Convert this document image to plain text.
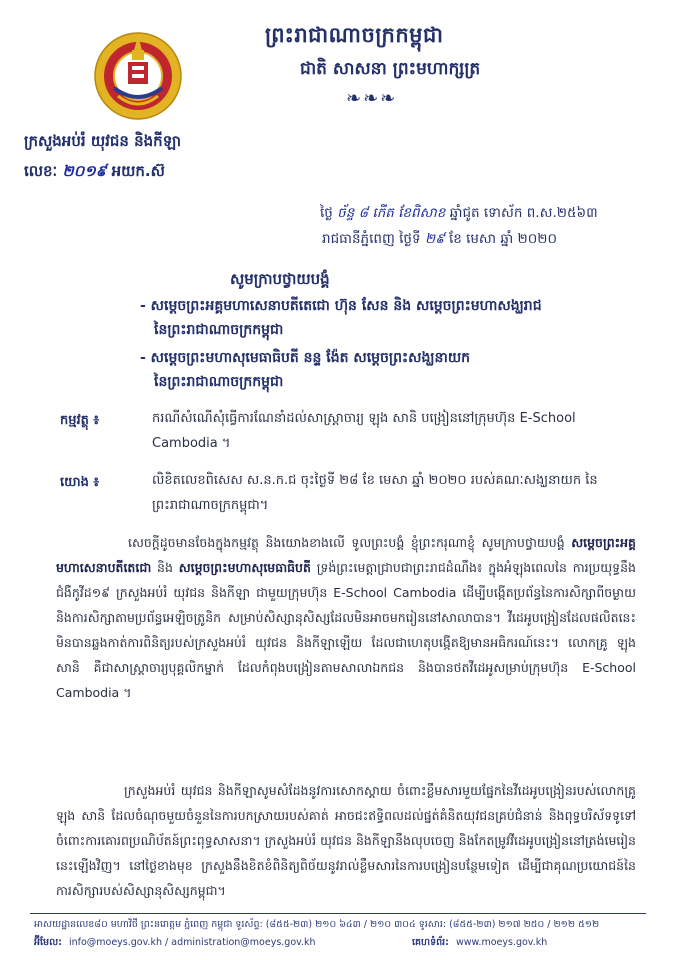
ព្រះរាជាណាចក្រកម្ពុជា
ជាតិ សាសនា ព្រះមហាក្សត្រ
❧❧❧
ក្រសួងអប់រំ យុវជន និងកីឡា
លេខៈ ២០១៩ អយក.ស៊
ថ្ងៃ ច័ន្ទ ៨ កើត ខែពិសាខ ឆ្នាំជូត ទោស័ក ព.ស.២៥៦៣
រាជធានីភ្នំពេញ ថ្ងៃទី ២៩ ខែ មេសា ឆ្នាំ ២០២០
សូមក្រាបថ្វាយបង្គំ
- សម្ដេចព្រះអគ្គមហាសេនាបតីតេជោ ហ៊ុន សែន និង សម្ដេចព្រះមហាសង្ឃរាជ
នៃព្រះរាជាណាចក្រកម្ពុជា
- សម្ដេចព្រះមហាសុមេធាធិបតី នន្ទ ង៉ែត សម្ដេចព្រះសង្ឃនាយក
នៃព្រះរាជាណាចក្រកម្ពុជា
កម្មវត្ថុ ៖	ករណីសំណើសុំធ្វើការណែនាំដល់សាស្ត្រាចារ្យ ឡុង សានិ បង្រៀននៅក្រុមហ៊ុន E-School Cambodia ។
យោង ៖	លិខិតលេខពិសេស ស.ន.ក.ជ ចុះថ្ងៃទី ២៨ ខែ មេសា ឆ្នាំ ២០២០ របស់គណៈសង្ឃនាយក នៃព្រះរាជាណាចក្រកម្ពុជា។
សេចក្ដីដូចមានចែងក្នុងកម្មវត្ថុ និងយោងខាងលើ ទូលព្រះបង្គំ ខ្ញុំព្រះករុណាខ្ញុំ សូមក្រាបថ្វាយបង្គំ សម្ដេចព្រះអគ្គមហាសេនាបតីតេជោ និង សម្ដេចព្រះមហាសុមេធាធិបតី ទ្រង់ព្រះមេត្តាជ្រាបជាព្រះរាជដំណឹង៖ ក្នុងអំឡុងពេលនៃ ការប្រយុទ្ធនឹងជំងឺកូវីដ១៩ ក្រសួងអប់រំ យុវជន និងកីឡា ជាមួយក្រុមហ៊ុន E-School Cambodia ដើម្បីបង្កើតប្រព័ន្ធនៃការសិក្សាពីចម្ងាយនិងការសិក្សាតាមប្រព័ន្ធអេឡិចត្រូនិក សម្រាប់សិស្សានុសិស្សដែលមិនអាចមករៀននៅសាលាបាន។ វីដេអូបង្រៀនដែលផលិតនេះ មិនបានឆ្លងកាត់ការពិនិត្យរបស់ក្រសួងអប់រំ យុវជន និងកីឡាឡើយ ដែលជាហេតុបង្កើតឱ្យមានអធិករណ៍នេះ។ លោកគ្រូ ឡុង សានិ គឺជាសាស្ត្រាចារ្យបុគ្គលិកម្នាក់ ដែលកំពុងបង្រៀនតាមសាលាឯកជន និងបានថតវីដេអូសម្រាប់ក្រុមហ៊ុន E-School Cambodia ។
ក្រសួងអប់រំ យុវជន និងកីឡាសូមសំដែងនូវការសោកស្ដាយ ចំពោះខ្លឹមសារមួយផ្នែកនៃវីដេអូបង្រៀនរបស់លោកគ្រូ ឡុង សានិ ដែលចំណុចមួយចំនួននៃការបកស្រាយរបស់គាត់ អាចជះឥទ្ធិពលដល់ផ្នត់គំនិតយុវជនគ្រប់ជំនាន់ និងពុទ្ធបរិស័ទទូទៅ ចំពោះការគោរពប្រណិប័តន៍ព្រះពុទ្ធសាសនា។ ក្រសួងអប់រំ យុវជន និងកីឡានឹងលុបចេញ និងកែតម្រូវវីដេអូបង្រៀននៅត្រង់មេរៀននេះឡើងវិញ។ នៅថ្ងៃខាងមុខ ក្រសួងនឹងខិតខំពិនិត្យពិច័យនូវរាល់ខ្លឹមសារនៃការបង្រៀនបន្ថែមទៀត ដើម្បីជាគុណប្រយោជន៍នៃការសិក្សារបស់សិស្សានុសិស្សកម្ពុជា។
អាសយដ្ឋានលេខ៨០ មហាវិថី ព្រះនរោត្ដម ភ្នំពេញ កម្ពុជា ទូរស័ព្ទ: (៨៥៥-២៣) ២១០ ៦៤៣ / ២១០ ៣០៤ ទូរសារ: (៨៥៥-២៣) ២១៧ ២៥០ / ២១២ ៥១២
អ៊ីមែល: info@moeys.gov.kh / administration@moeys.gov.kh	គេហទំព័រ: www.moeys.gov.kh
